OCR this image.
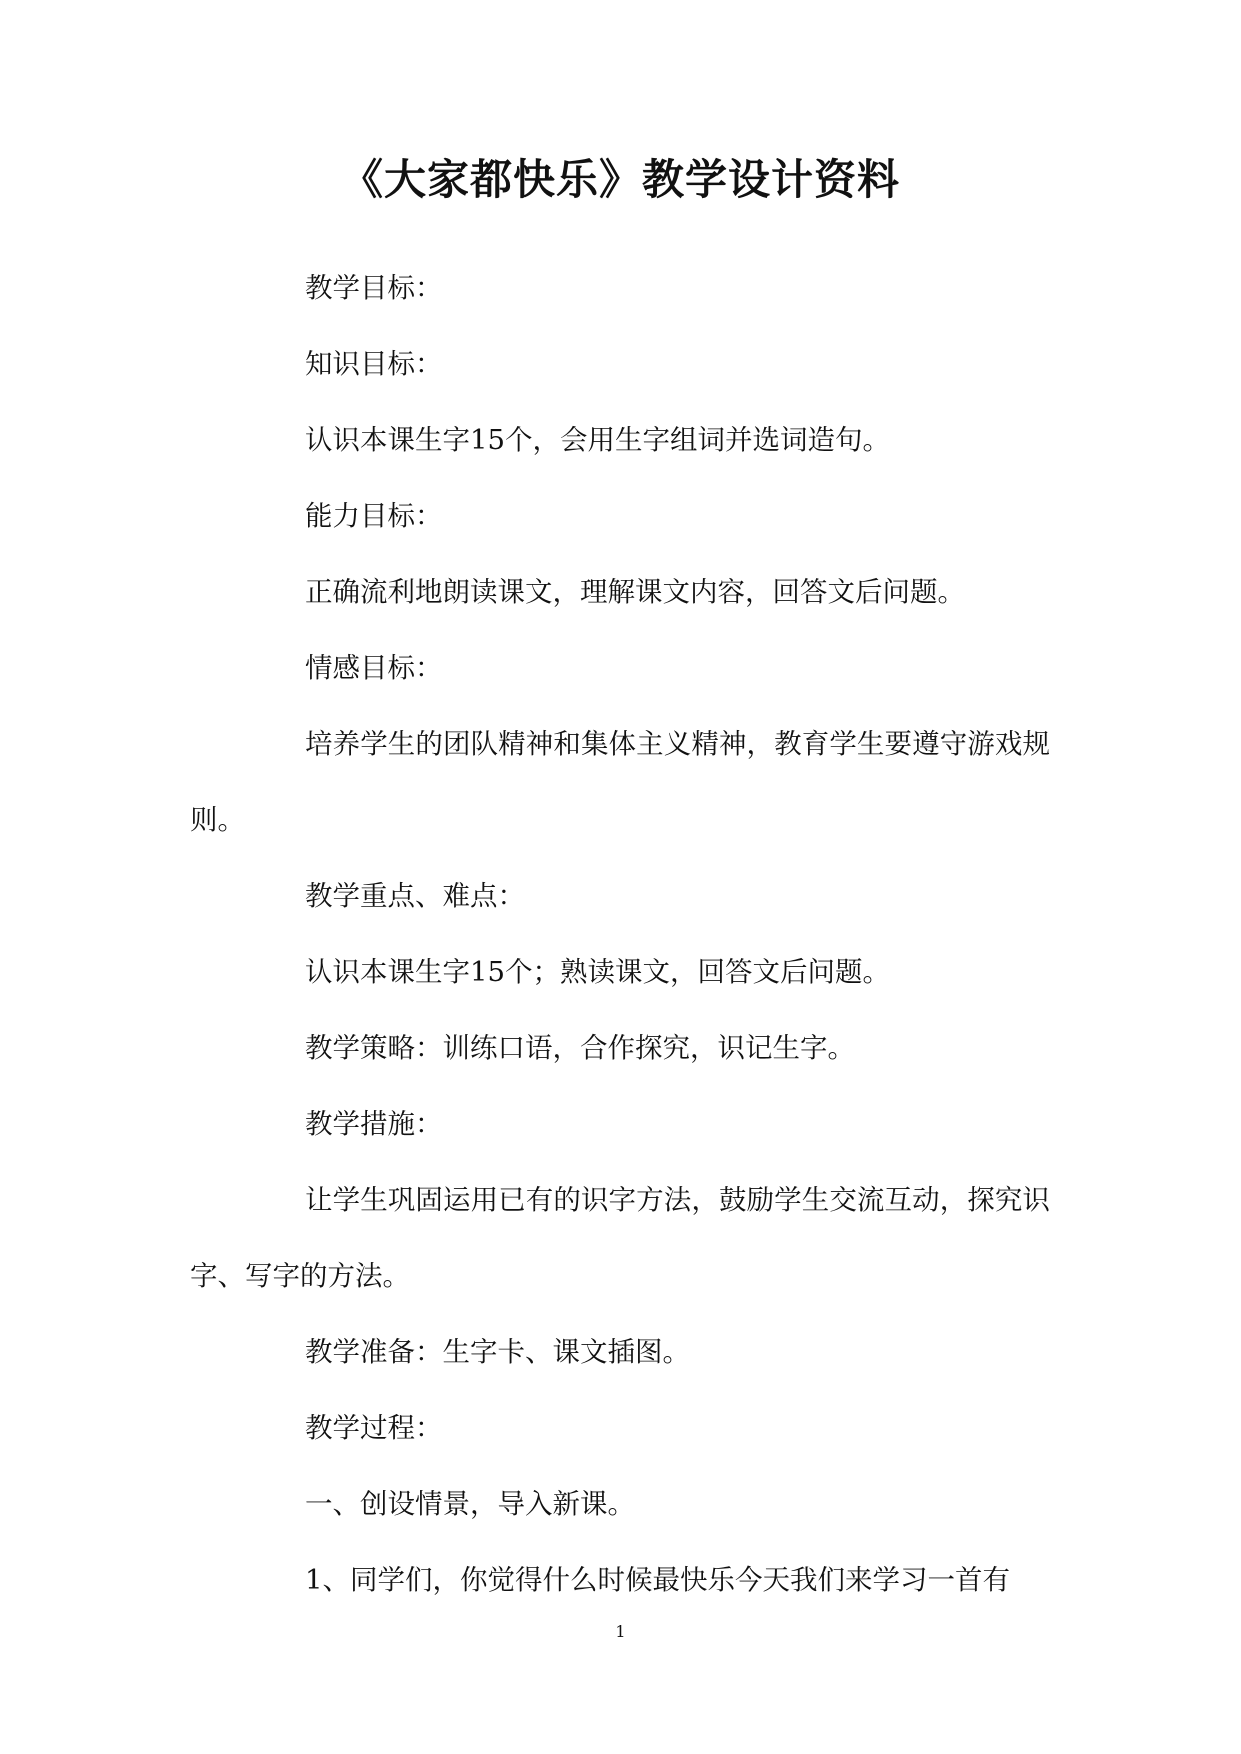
《大家都快乐》教学设计资料

教学目标：

知识目标：

认识本课生字15个，会用生字组词并选词造句。

能力目标：

正确流利地朗读课文，理解课文内容，回答文后问题。

情感目标：

培养学生的团队精神和集体主义精神，教育学生要遵守游戏规则。

教学重点、难点：

认识本课生字15个；熟读课文，回答文后问题。

教学策略：训练口语，合作探究，识记生字。

教学措施：

让学生巩固运用已有的识字方法，鼓励学生交流互动，探究识字、写字的方法。

教学准备：生字卡、课文插图。

教学过程：

一、创设情景，导入新课。

1、同学们，你觉得什么时候最快乐今天我们来学习一首有

1
